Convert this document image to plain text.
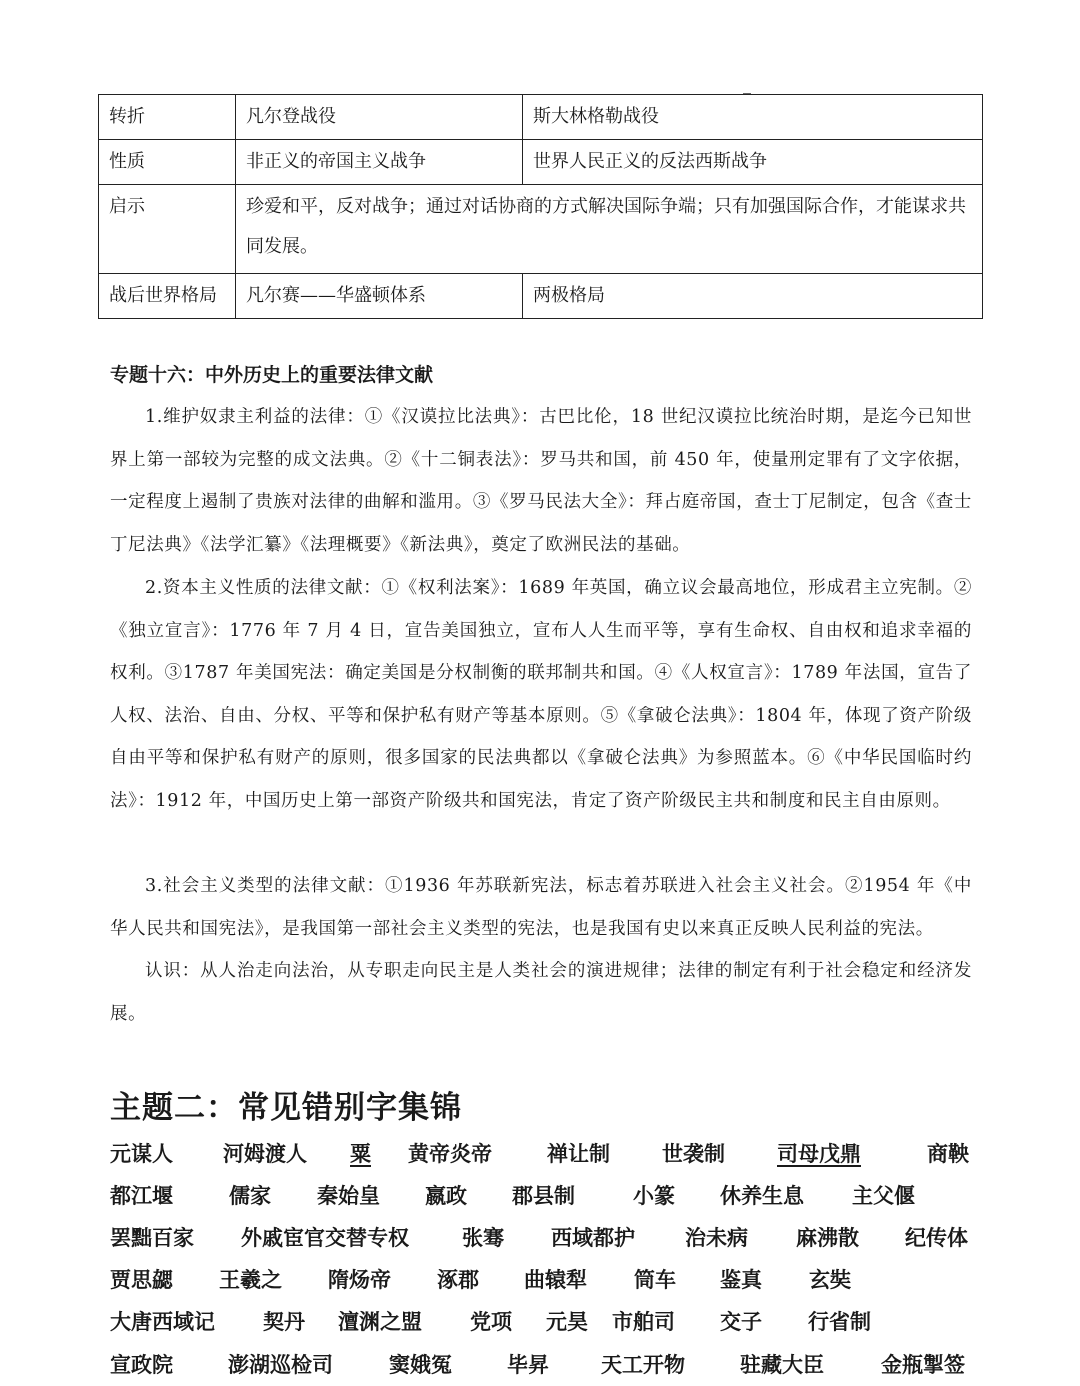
转折	凡尔登战役	斯大林格勒战役
性质	非正义的帝国主义战争	世界人民正义的反法西斯战争
启示	珍爱和平，反对战争；通过对话协商的方式解决国际争端；只有加强国际合作，才能谋求共同发展。	
战后世界格局	凡尔赛——华盛顿体系	两极格局
专题十六：中外历史上的重要法律文献

1.维护奴隶主利益的法律：①《汉谟拉比法典》：古巴比伦，18 世纪汉谟拉比统治时期，是迄今已知世界上第一部较为完整的成文法典。②《十二铜表法》：罗马共和国，前 450 年，使量刑定罪有了文字依据，一定程度上遏制了贵族对法律的曲解和滥用。③《罗马民法大全》：拜占庭帝国，查士丁尼制定，包含《查士丁尼法典》《法学汇纂》《法理概要》《新法典》，奠定了欧洲民法的基础。

2.资本主义性质的法律文献：①《权利法案》：1689 年英国，确立议会最高地位，形成君主立宪制。②《独立宣言》：1776 年 7 月 4 日，宣告美国独立，宣布人人生而平等，享有生命权、自由权和追求幸福的权利。③1787 年美国宪法：确定美国是分权制衡的联邦制共和国。④《人权宣言》：1789 年法国，宣告了人权、法治、自由、分权、平等和保护私有财产等基本原则。⑤《拿破仑法典》：1804 年，体现了资产阶级自由平等和保护私有财产的原则，很多国家的民法典都以《拿破仑法典》为参照蓝本。⑥《中华民国临时约法》：1912 年，中国历史上第一部资产阶级共和国宪法，肯定了资产阶级民主共和制度和民主自由原则。

3.社会主义类型的法律文献：①1936 年苏联新宪法，标志着苏联进入社会主义社会。②1954 年《中华人民共和国宪法》，是我国第一部社会主义类型的宪法，也是我国有史以来真正反映人民利益的宪法。

认识：从人治走向法治，从专职走向民主是人类社会的演进规律；法律的制定有利于社会稳定和经济发展。

主题二：常见错别字集锦
元谋人 河姆渡人 粟 黄帝炎帝	禅让制 世袭制 司母戊鼎	商鞅
都江堰	儒家 秦始皇 嬴政 郡县制	小篆 休养生息 主父偃
罢黜百家 外戚宦官交替专权	张骞 西域都护 治未病 麻沸散 纪传体
贾思勰 王羲之 隋炀帝 涿郡 曲辕犁 筒车 鉴真 玄奘
大唐西域记 契丹 澶渊之盟 党项 元昊 市舶司 交子 行省制
宣政院	澎湖巡检司	窦娥冤	毕昇 天工开物	驻藏大臣	金瓶掣签
